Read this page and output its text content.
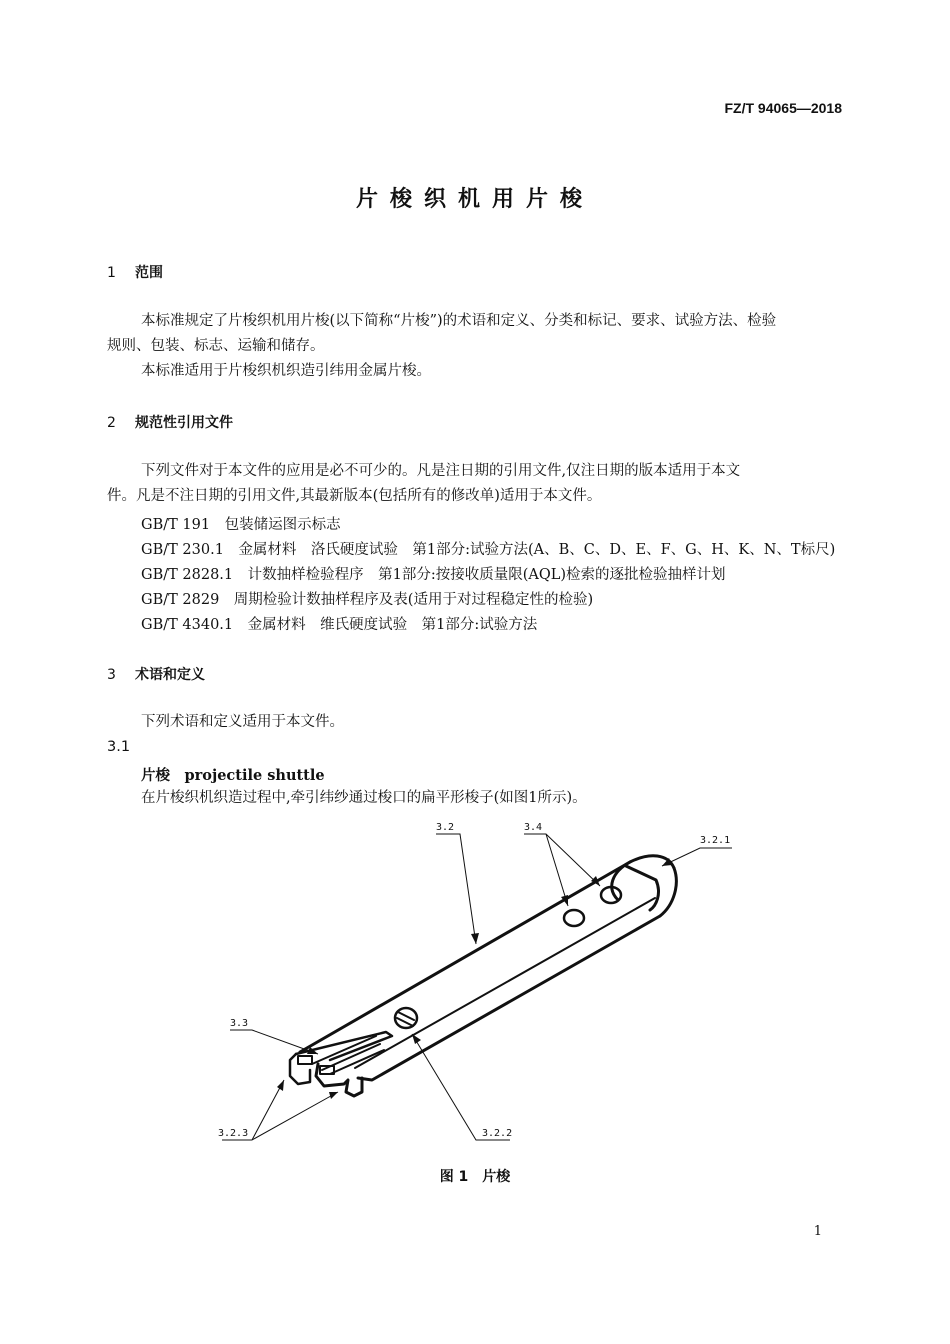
FZ/T 94065—2018
片梭织机用片梭
1 范围
本标准规定了片梭织机用片梭(以下简称“片梭”)的术语和定义、分类和标记、要求、试验方法、检验
规则、包装、标志、运输和储存。
本标准适用于片梭织机织造引纬用金属片梭。
2 规范性引用文件
下列文件对于本文件的应用是必不可少的。凡是注日期的引用文件,仅注日期的版本适用于本文
件。凡是不注日期的引用文件,其最新版本(包括所有的修改单)适用于本文件。
GB/T 191　包装储运图示标志
GB/T 230.1　金属材料　洛氏硬度试验　第1部分:试验方法(A、B、C、D、E、F、G、H、K、N、T标尺)
GB/T 2828.1　计数抽样检验程序　第1部分:按接收质量限(AQL)检索的逐批检验抽样计划
GB/T 2829　周期检验计数抽样程序及表(适用于对过程稳定性的检验)
GB/T 4340.1　金属材料　维氏硬度试验　第1部分:试验方法
3 术语和定义
下列术语和定义适用于本文件。
3.1
片梭　 projectile shuttle
在片梭织机织造过程中,牵引纬纱通过梭口的扁平形梭子(如图1所示)。
3.2	3.4
3.2.1
3.3
3.2.3	3.2.2
图 1　片梭
1
